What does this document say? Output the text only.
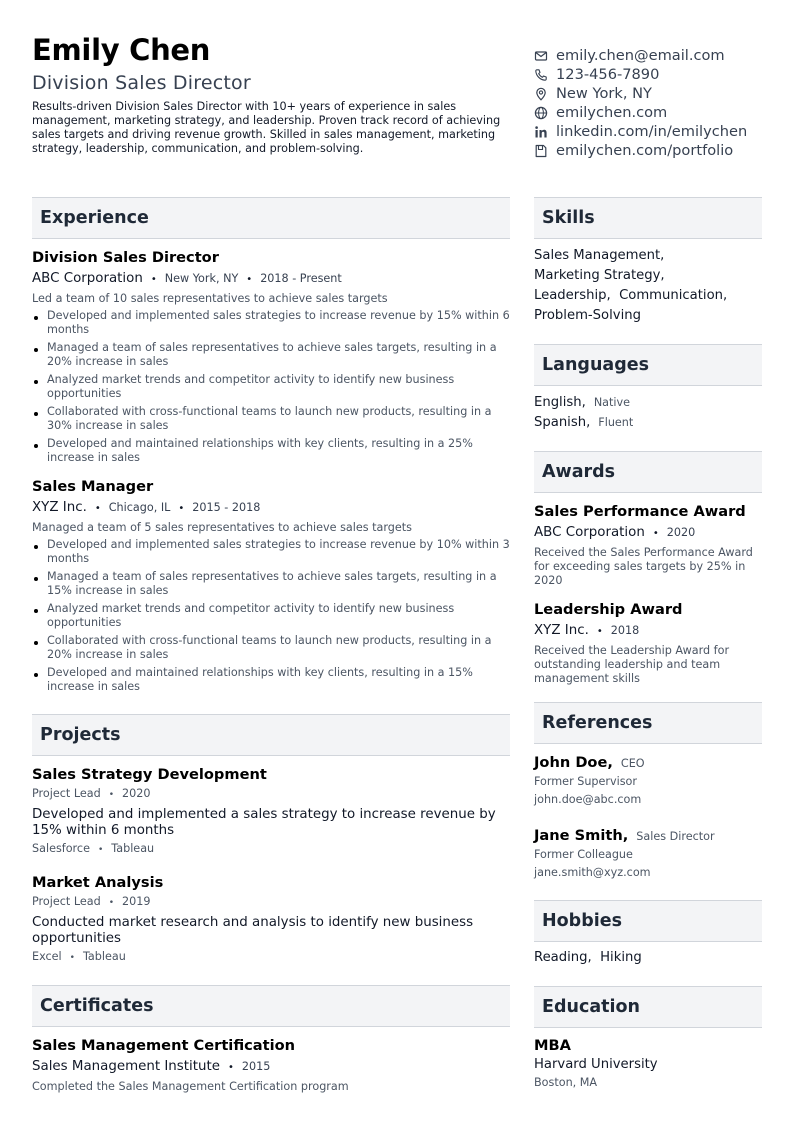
Emily Chen
Division Sales Director
Results-driven Division Sales Director with 10+ years of experience in sales management, marketing strategy, and leadership. Proven track record of achieving sales targets and driving revenue growth. Skilled in sales management, marketing strategy, leadership, communication, and problem-solving.
emily.chen@email.com
123-456-7890
New York, NY
emilychen.com
linkedin.com/in/emilychen
emilychen.com/portfolio
Experience
Division Sales Director
ABC Corporation • New York, NY • 2018 - Present
Led a team of 10 sales representatives to achieve sales targets
Developed and implemented sales strategies to increase revenue by 15% within 6 months
Managed a team of sales representatives to achieve sales targets, resulting in a 20% increase in sales
Analyzed market trends and competitor activity to identify new business opportunities
Collaborated with cross-functional teams to launch new products, resulting in a 30% increase in sales
Developed and maintained relationships with key clients, resulting in a 25% increase in sales
Sales Manager
XYZ Inc. • Chicago, IL • 2015 - 2018
Managed a team of 5 sales representatives to achieve sales targets
Developed and implemented sales strategies to increase revenue by 10% within 3 months
Managed a team of sales representatives to achieve sales targets, resulting in a 15% increase in sales
Analyzed market trends and competitor activity to identify new business opportunities
Collaborated with cross-functional teams to launch new products, resulting in a 20% increase in sales
Developed and maintained relationships with key clients, resulting in a 15% increase in sales
Projects
Sales Strategy Development
Project Lead • 2020
Developed and implemented a sales strategy to increase revenue by 15% within 6 months
Salesforce • Tableau
Market Analysis
Project Lead • 2019
Conducted market research and analysis to identify new business opportunities
Excel • Tableau
Certificates
Sales Management Certification
Sales Management Institute • 2015
Completed the Sales Management Certification program
Skills
Sales Management,
Marketing Strategy,
Leadership, Communication,
Problem-Solving
Languages
English, Native
Spanish, Fluent
Awards
Sales Performance Award
ABC Corporation • 2020
Received the Sales Performance Award for exceeding sales targets by 25% in 2020
Leadership Award
XYZ Inc. • 2018
Received the Leadership Award for outstanding leadership and team management skills
References
John Doe, CEO
Former Supervisor
john.doe@abc.com
Jane Smith, Sales Director
Former Colleague
jane.smith@xyz.com
Hobbies
Reading, Hiking
Education
MBA
Harvard University
Boston, MA
